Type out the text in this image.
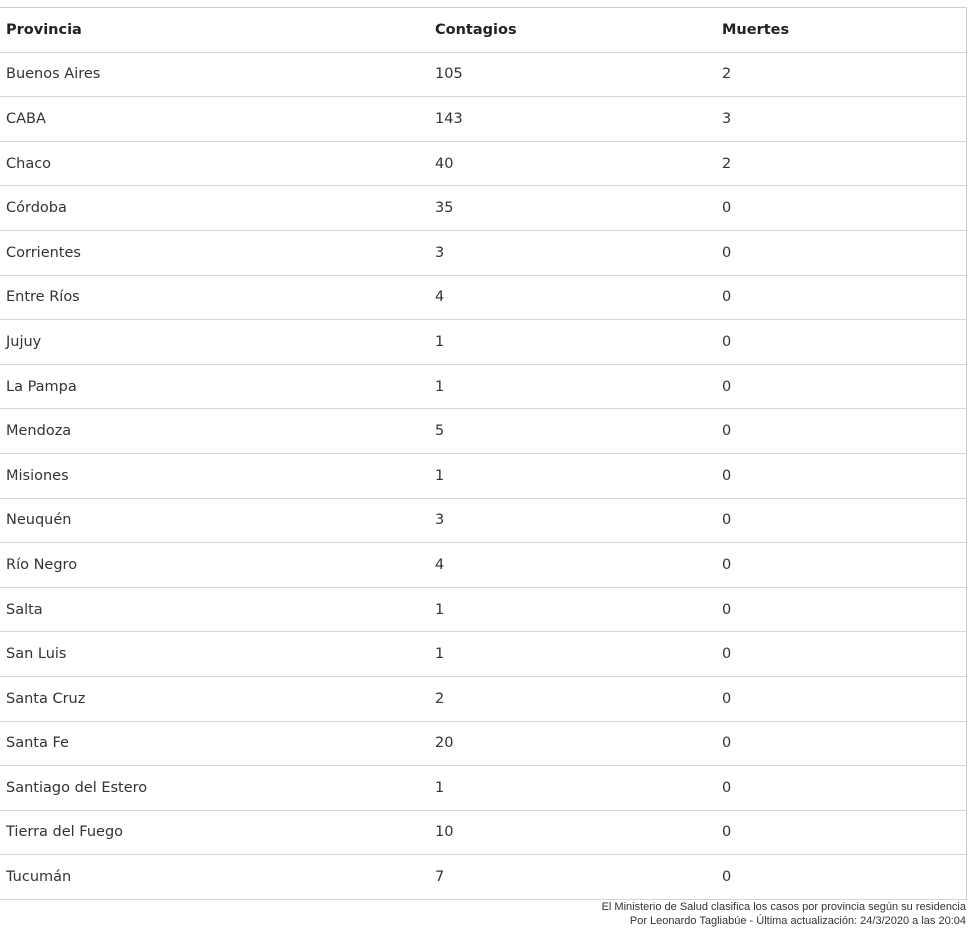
Provincia	Contagios	Muertes
Buenos Aires	105	2
CABA	143	3
Chaco	40	2
Córdoba	35	0
Corrientes	3	0
Entre Ríos	4	0
Jujuy	1	0
La Pampa	1	0
Mendoza	5	0
Misiones	1	0
Neuquén	3	0
Río Negro	4	0
Salta	1	0
San Luis	1	0
Santa Cruz	2	0
Santa Fe	20	0
Santiago del Estero	1	0
Tierra del Fuego	10	0
Tucumán	7	0
El Ministerio de Salud clasifica los casos por provincia según su residencia
Por Leonardo Tagliabúe - Última actualización: 24/3/2020 a las 20:04
